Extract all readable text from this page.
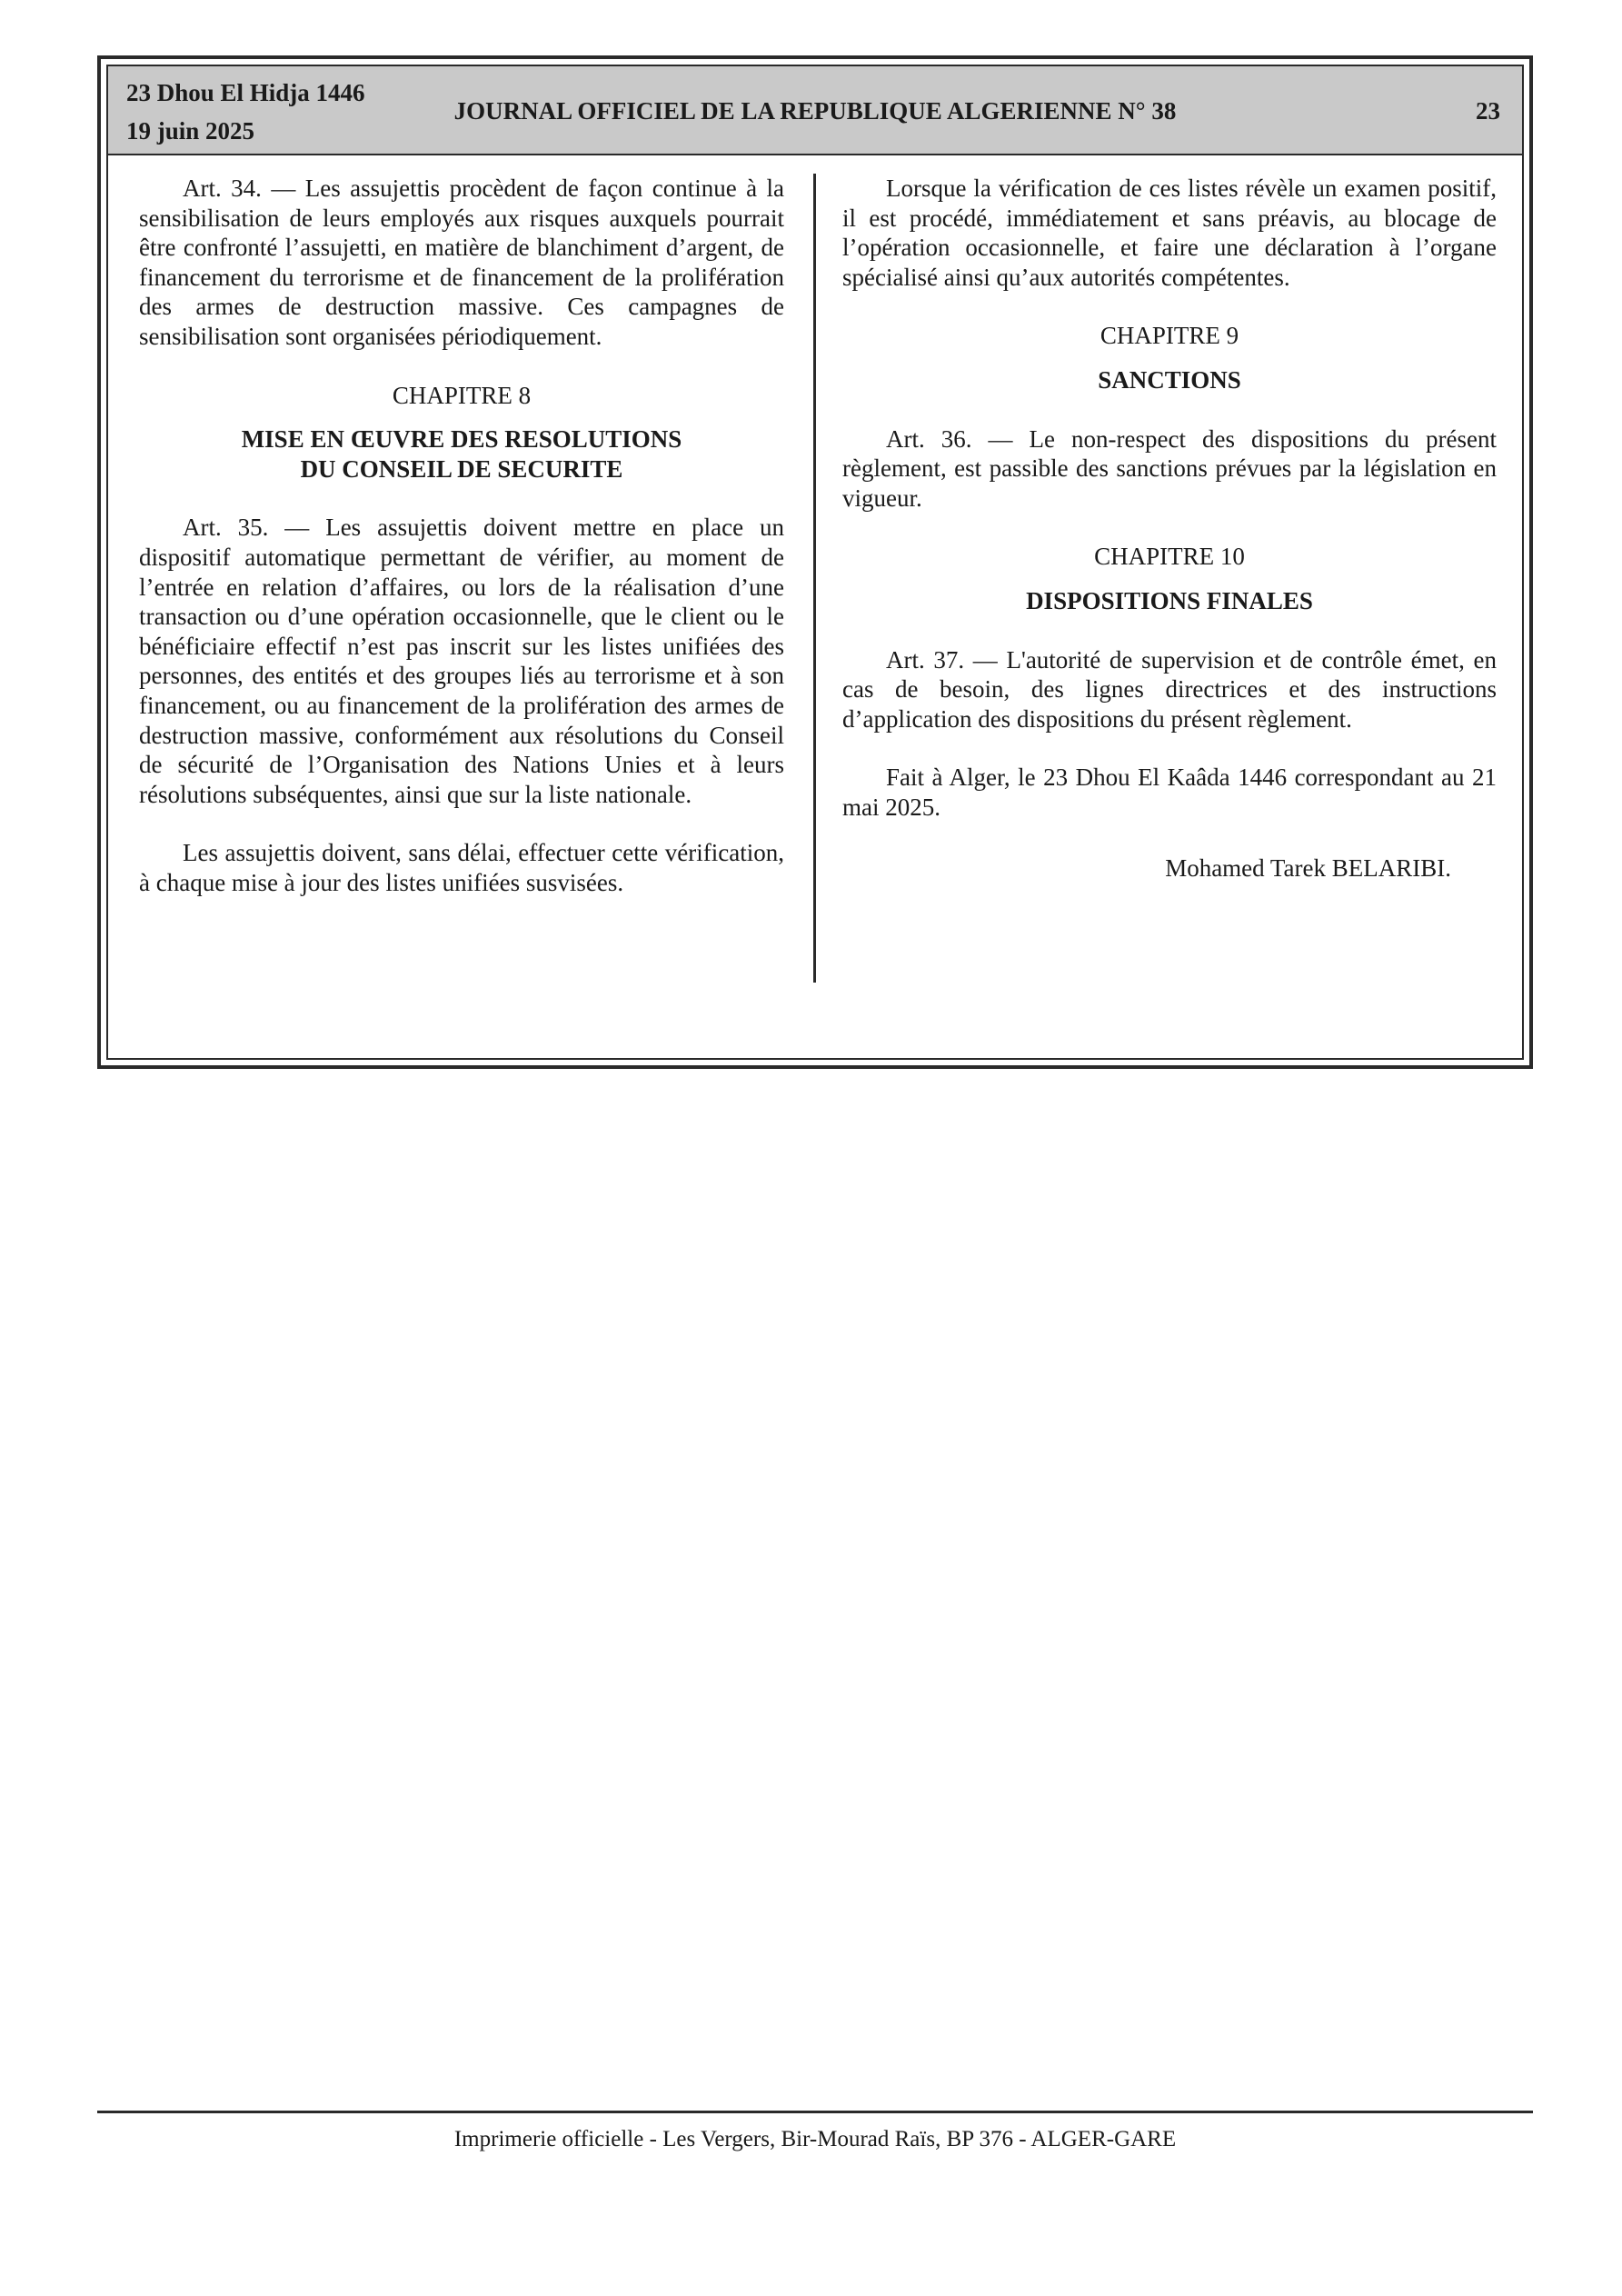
23 Dhou El Hidja 1446
19 juin 2025
JOURNAL OFFICIEL DE LA REPUBLIQUE ALGERIENNE N° 38	23

Art. 34. — Les assujettis procèdent de façon continue à la sensibilisation de leurs employés aux risques auxquels pourrait être confronté l’assujetti, en matière de blanchiment d’argent, de financement du terrorisme et de financement de la prolifération des armes de destruction massive. Ces campagnes de sensibilisation sont organisées périodiquement.

CHAPITRE 8
MISE EN ŒUVRE DES RESOLUTIONS
DU CONSEIL DE SECURITE

Art. 35. — Les assujettis doivent mettre en place un dispositif automatique permettant de vérifier, au moment de l’entrée en relation d’affaires, ou lors de la réalisation d’une transaction ou d’une opération occasionnelle, que le client ou le bénéficiaire effectif n’est pas inscrit sur les listes unifiées des personnes, des entités et des groupes liés au terrorisme et à son financement, ou au financement de la prolifération des armes de destruction massive, conformément aux résolutions du Conseil de sécurité de l’Organisation des Nations Unies et à leurs résolutions subséquentes, ainsi que sur la liste nationale.

Les assujettis doivent, sans délai, effectuer cette vérification, à chaque mise à jour des listes unifiées susvisées.

Lorsque la vérification de ces listes révèle un examen positif, il est procédé, immédiatement et sans préavis, au blocage de l’opération occasionnelle, et faire une déclaration à l’organe spécialisé ainsi qu’aux autorités compétentes.

CHAPITRE 9
SANCTIONS

Art. 36. — Le non-respect des dispositions du présent règlement, est passible des sanctions prévues par la législation en vigueur.

CHAPITRE 10
DISPOSITIONS FINALES

Art. 37. — L'autorité de supervision et de contrôle émet, en cas de besoin, des lignes directrices et des instructions d’application des dispositions du présent règlement.

Fait à Alger, le 23 Dhou El Kaâda 1446 correspondant au 21 mai 2025.

Mohamed Tarek BELARIBI.
Imprimerie officielle - Les Vergers, Bir-Mourad Raïs, BP 376 - ALGER-GARE
